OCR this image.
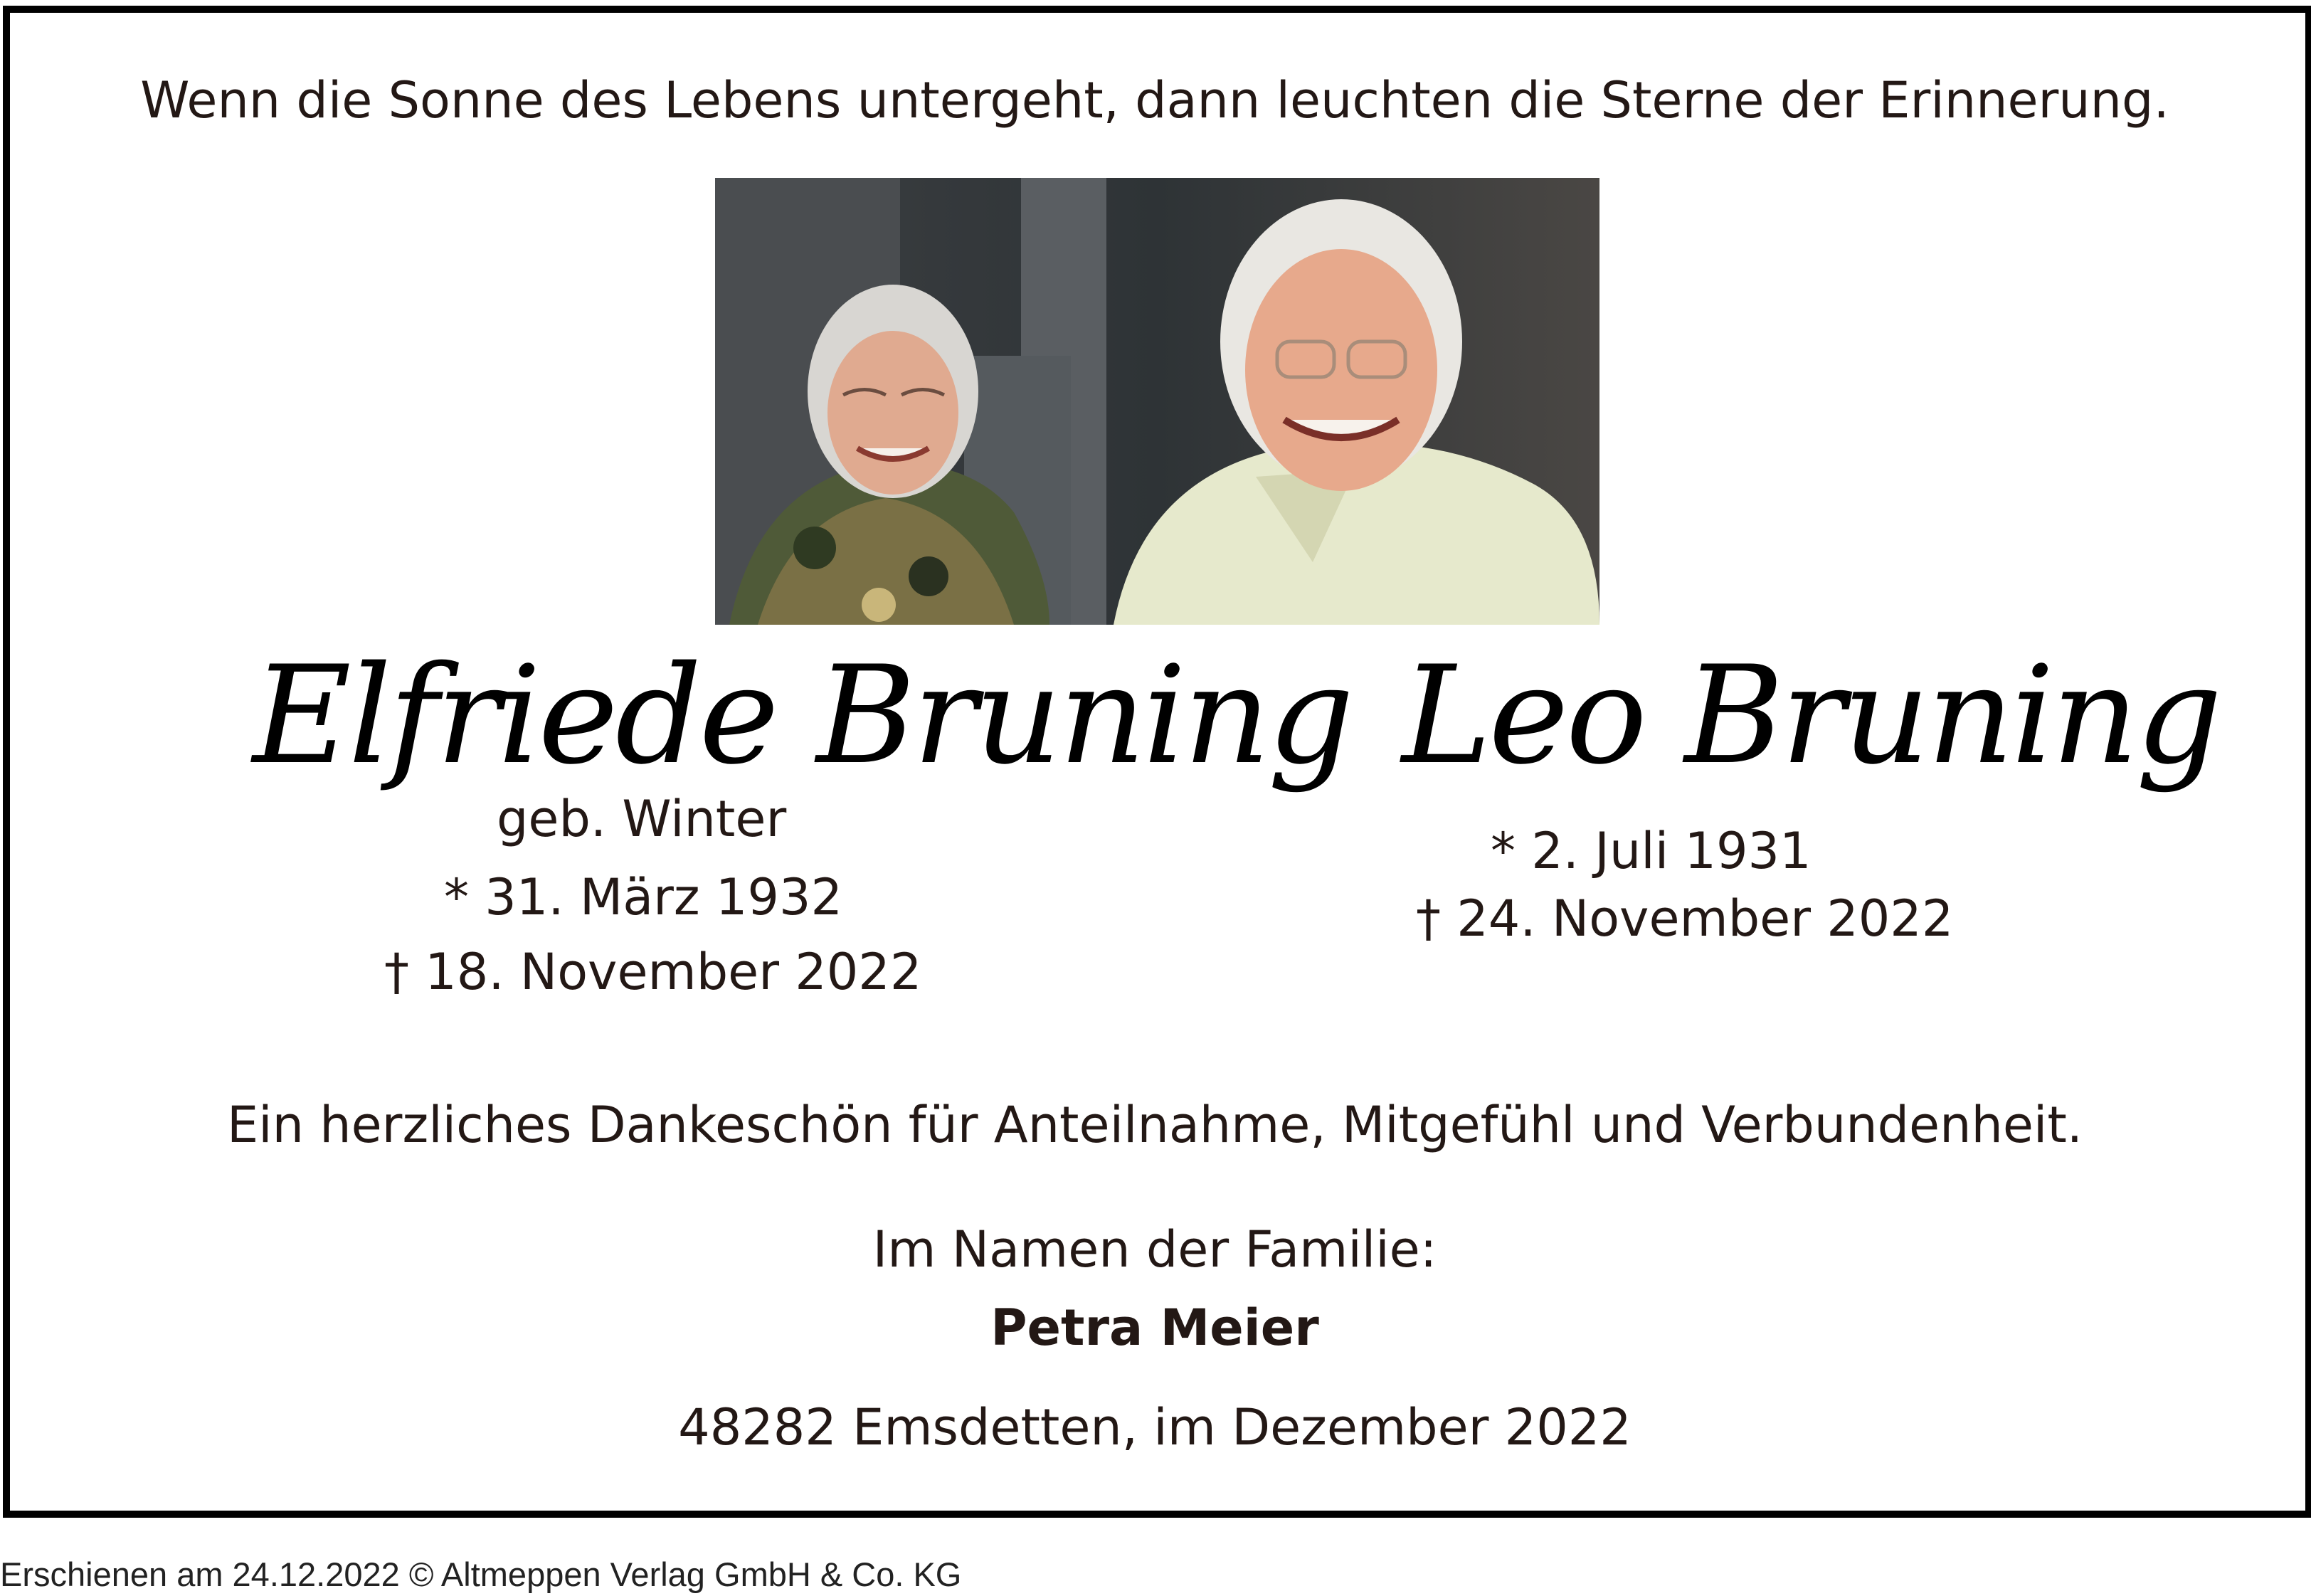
Wenn die Sonne des Lebens untergeht, dann leuchten die Sterne der Erinnerung.
Elfriede Bruning
geb. Winter
* 31. März 1932
† 18. November 2022
Leo Bruning
* 2. Juli 1931
† 24. November 2022
Ein herzliches Dankeschön für Anteilnahme, Mitgefühl und Verbundenheit.
Im Namen der Familie:
Petra Meier
48282 Emsdetten, im Dezember 2022
Erschienen am 24.12.2022 © Altmeppen Verlag GmbH & Co. KG
